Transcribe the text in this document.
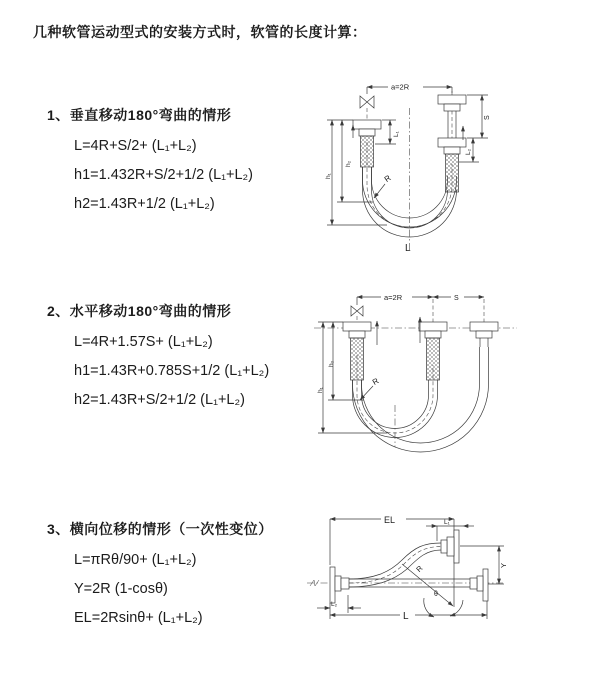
几种软管运动型式的安装方式时，软管的长度计算：
1、垂直移动180°弯曲的情形
L=4R+S/2+ (L₁+L₂)
h1=1.432R+S/2+1/2 (L₁+L₂)
h2=1.43R+1/2 (L₁+L₂)
2、水平移动180°弯曲的情形
L=4R+1.57S+ (L₁+L₂)
h1=1.43R+0.785S+1/2 (L₁+L₂)
h2=1.43R+S/2+1/2 (L₁+L₂)
3、横向位移的情形（一次性变位）
L=πRθ/90+ (L₁+L₂)
Y=2R (1-cosθ)
EL=2Rsinθ+ (L₁+L₂)
a=2R
L₁
S
L₂
h₁
h₂
R
L
a=2R	S
h₁
h₂
R
EL	L₁
Y
R
θ
L₂
L
